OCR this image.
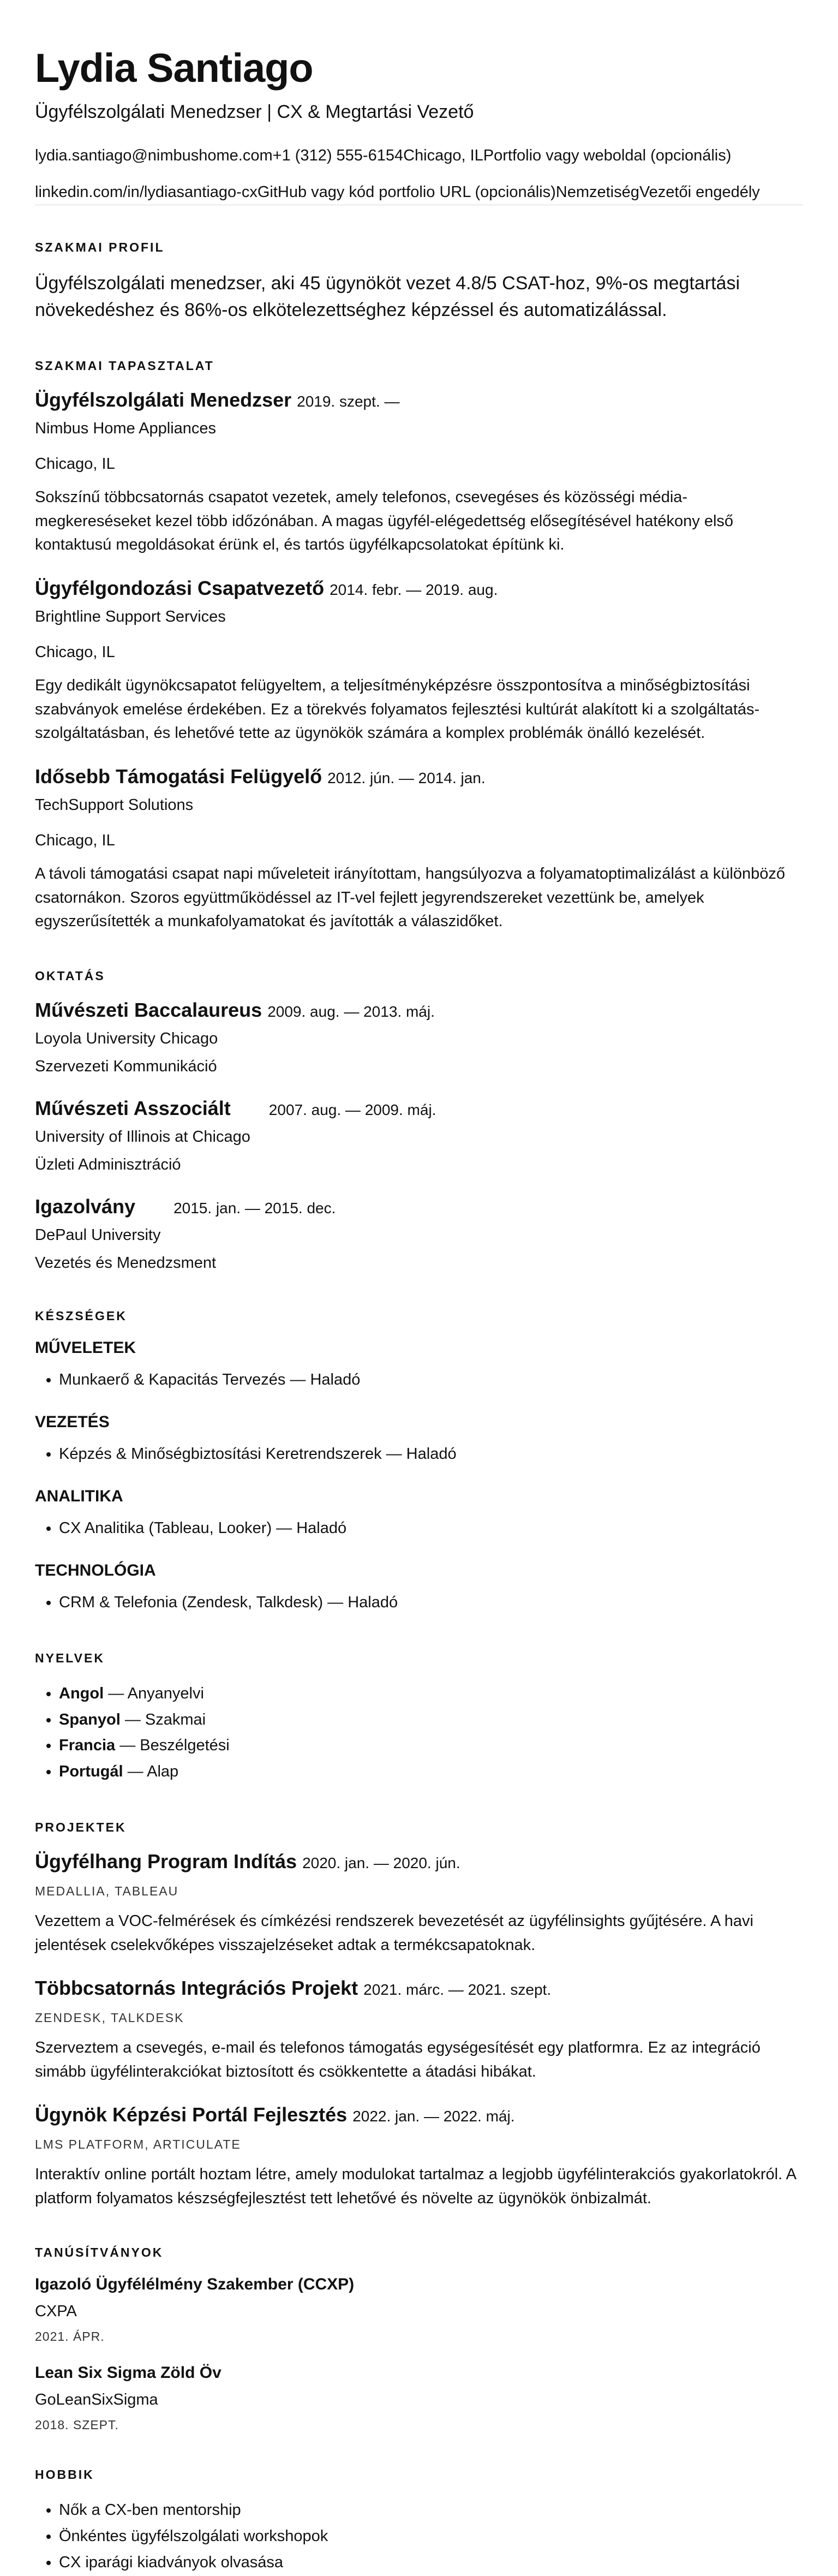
Lydia Santiago
Ügyfélszolgálati Menedzser | CX & Megtartási Vezető
lydia.santiago@nimbushome.com +1 (312) 555-6154 Chicago, IL Portfolio vagy weboldal (opcionális)
linkedin.com/in/lydiasantiago-cx GitHub vagy kód portfolio URL (opcionális) Nemzetiség Vezetői engedély
SZAKMAI PROFIL
Ügyfélszolgálati menedzser, aki 45 ügynököt vezet 4.8/5 CSAT-hoz, 9%-os megtartási növekedéshez és 86%-os elkötelezettséghez képzéssel és automatizálással.
SZAKMAI TAPASZTALAT
Ügyfélszolgálati Menedzser 2019. szept. —
Nimbus Home Appliances
Chicago, IL
Sokszínű többcsatornás csapatot vezetek, amely telefonos, csevegéses és közösségi média-megkereséseket kezel több időzónában. A magas ügyfél-elégedettség elősegítésével hatékony első kontaktusú megoldásokat érünk el, és tartós ügyfélkapcsolatokat építünk ki.
Ügyfélgondozási Csapatvezető 2014. febr. — 2019. aug.
Brightline Support Services
Chicago, IL
Egy dedikált ügynökcsapatot felügyeltem, a teljesítményképzésre összpontosítva a minőségbiztosítási szabványok emelése érdekében. Ez a törekvés folyamatos fejlesztési kultúrát alakított ki a szolgáltatás-szolgáltatásban, és lehetővé tette az ügynökök számára a komplex problémák önálló kezelését.
Idősebb Támogatási Felügyelő 2012. jún. — 2014. jan.
TechSupport Solutions
Chicago, IL
A távoli támogatási csapat napi műveleteit irányítottam, hangsúlyozva a folyamatoptimalizálást a különböző csatornákon. Szoros együttműködéssel az IT-vel fejlett jegyrendszereket vezettünk be, amelyek egyszerűsítették a munkafolyamatokat és javították a válaszidőket.
OKTATÁS
Művészeti Baccalaureus 2009. aug. — 2013. máj.
Loyola University Chicago
Szervezeti Kommunikáció
Művészeti Asszociált	2007. aug. — 2009. máj.
University of Illinois at Chicago
Üzleti Adminisztráció
Igazolvány	2015. jan. — 2015. dec.
DePaul University
Vezetés és Menedzsment
KÉSZSÉGEK
MŰVELETEK
• Munkaerő & Kapacitás Tervezés — Haladó
VEZETÉS
• Képzés & Minőségbiztosítási Keretrendszerek — Haladó
ANALITIKA
• CX Analitika (Tableau, Looker) — Haladó
TECHNOLÓGIA
• CRM & Telefonia (Zendesk, Talkdesk) — Haladó
NYELVEK
• Angol — Anyanyelvi
• Spanyol — Szakmai
• Francia — Beszélgetési
• Portugál — Alap
PROJEKTEK
Ügyfélhang Program Indítás 2020. jan. — 2020. jún.
MEDALLIA, TABLEAU
Vezettem a VOC-felmérések és címkézési rendszerek bevezetését az ügyfélinsights gyűjtésére. A havi jelentések cselekvőképes visszajelzéseket adtak a termékcsapatoknak.
Többcsatornás Integrációs Projekt 2021. márc. — 2021. szept.
ZENDESK, TALKDESK
Szerveztem a csevegés, e-mail és telefonos támogatás egységesítését egy platformra. Ez az integráció simább ügyfélinterakciókat biztosított és csökkentette a átadási hibákat.
Ügynök Képzési Portál Fejlesztés 2022. jan. — 2022. máj.
LMS PLATFORM, ARTICULATE
Interaktív online portált hoztam létre, amely modulokat tartalmaz a legjobb ügyfélinterakciós gyakorlatokról. A platform folyamatos készségfejlesztést tett lehetővé és növelte az ügynökök önbizalmát.
TANÚSÍTVÁNYOK
Igazoló Ügyfélélmény Szakember (CCXP)
CXPA
2021. ÁPR.
Lean Six Sigma Zöld Öv
GoLeanSixSigma
2018. SZEPT.
HOBBIK
• Nők a CX-ben mentorship
• Önkéntes ügyfélszolgálati workshopok
• CX iparági kiadványok olvasása
